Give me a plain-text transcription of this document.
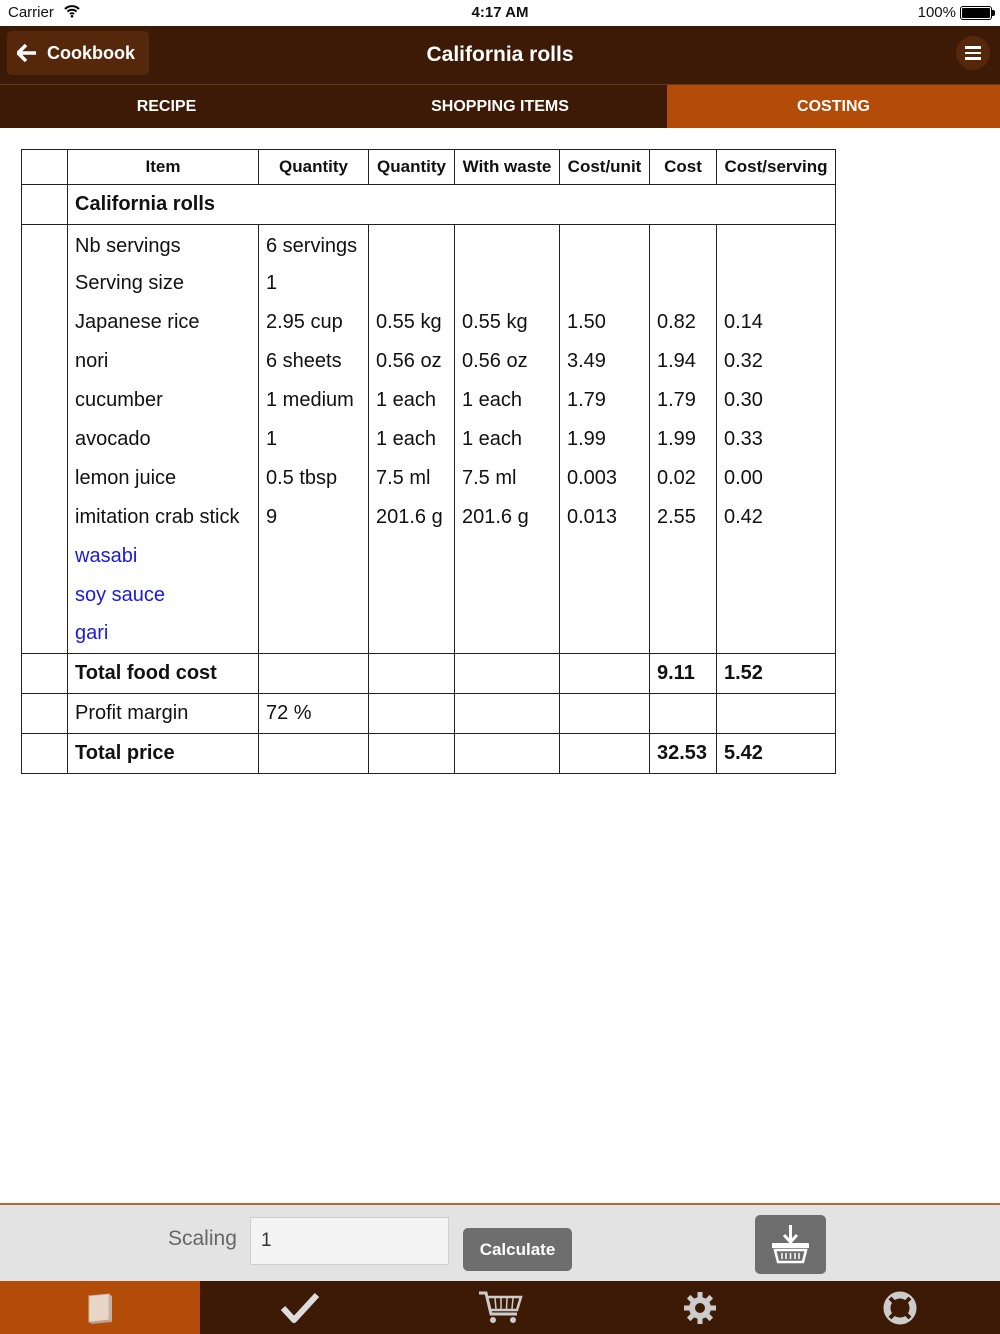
Carrier	4:17 AM	100%
Cookbook	California rolls
RECIPE	SHOPPING ITEMS	COSTING
	Item	Quantity	Quantity	With waste	Cost/unit	Cost	Cost/serving
	California rolls						
	Nb servings	6 servings					
	Serving size	1					
	Japanese rice	2.95 cup	0.55 kg	0.55 kg	1.50	0.82	0.14
	nori	6 sheets	0.56 oz	0.56 oz	3.49	1.94	0.32
	cucumber	1 medium	1 each	1 each	1.79	1.79	0.30
	avocado	1	1 each	1 each	1.99	1.99	0.33
	lemon juice	0.5 tbsp	7.5 ml	7.5 ml	0.003	0.02	0.00
	imitation crab stick	9	201.6 g	201.6 g	0.013	2.55	0.42
	wasabi						
	soy sauce						
	gari						
	Total food cost					9.11	1.52
	Profit margin	72 %					
	Total price					32.53	5.42
Scaling
1	Calculate
